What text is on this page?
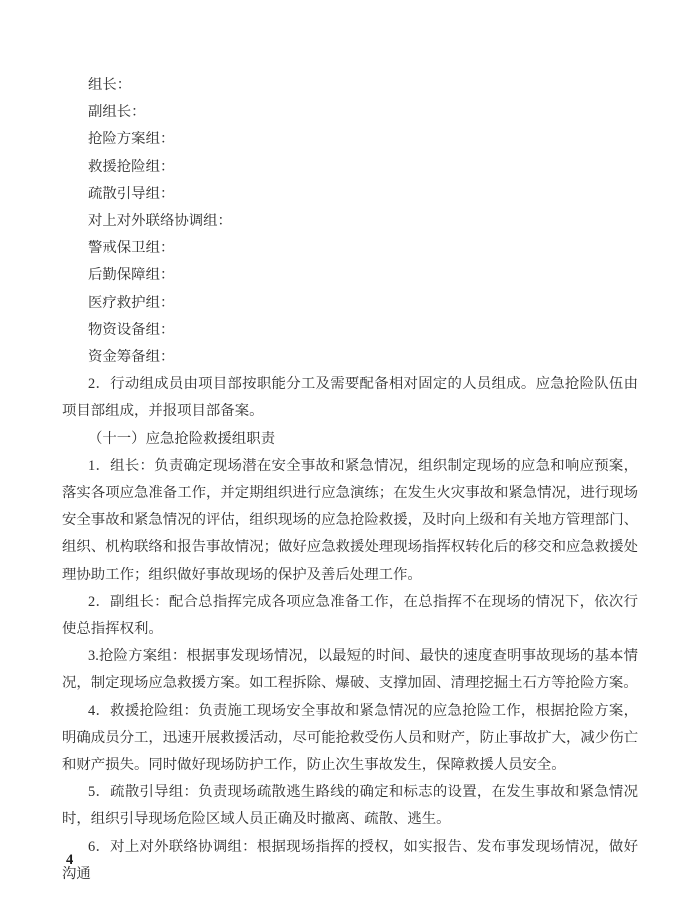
组长：

副组长：

抢险方案组：

救援抢险组：

疏散引导组：

对上对外联络协调组：

警戒保卫组：

后勤保障组：

医疗救护组：

物资设备组：

资金筹备组：

2．行动组成员由项目部按职能分工及需要配备相对固定的人员组成。应急抢险队伍由项目部组成，并报项目部备案。

（十一）应急抢险救援组职责

1．组长：负责确定现场潜在安全事故和紧急情况，组织制定现场的应急和响应预案，落实各项应急准备工作，并定期组织进行应急演练；在发生火灾事故和紧急情况，进行现场安全事故和紧急情况的评估，组织现场的应急抢险救援，及时向上级和有关地方管理部门、组织、机构联络和报告事故情况；做好应急救援处理现场指挥权转化后的移交和应急救援处理协助工作；组织做好事故现场的保护及善后处理工作。

2．副组长：配合总指挥完成各项应急准备工作，在总指挥不在现场的情况下，依次行使总指挥权利。

3.抢险方案组：根据事发现场情况，以最短的时间、最快的速度查明事故现场的基本情况，制定现场应急救援方案。如工程拆除、爆破、支撑加固、清理挖掘土石方等抢险方案。

4．救援抢险组：负责施工现场安全事故和紧急情况的应急抢险工作，根据抢险方案，明确成员分工，迅速开展救援活动，尽可能抢救受伤人员和财产，防止事故扩大，减少伤亡和财产损失。同时做好现场防护工作，防止次生事故发生，保障救援人员安全。

5．疏散引导组：负责现场疏散逃生路线的确定和标志的设置，在发生事故和紧急情况时，组织引导现场危险区域人员正确及时撤离、疏散、逃生。

6．对上对外联络协调组：根据现场指挥的授权，如实报告、发布事发现场情况，做好沟通

4
